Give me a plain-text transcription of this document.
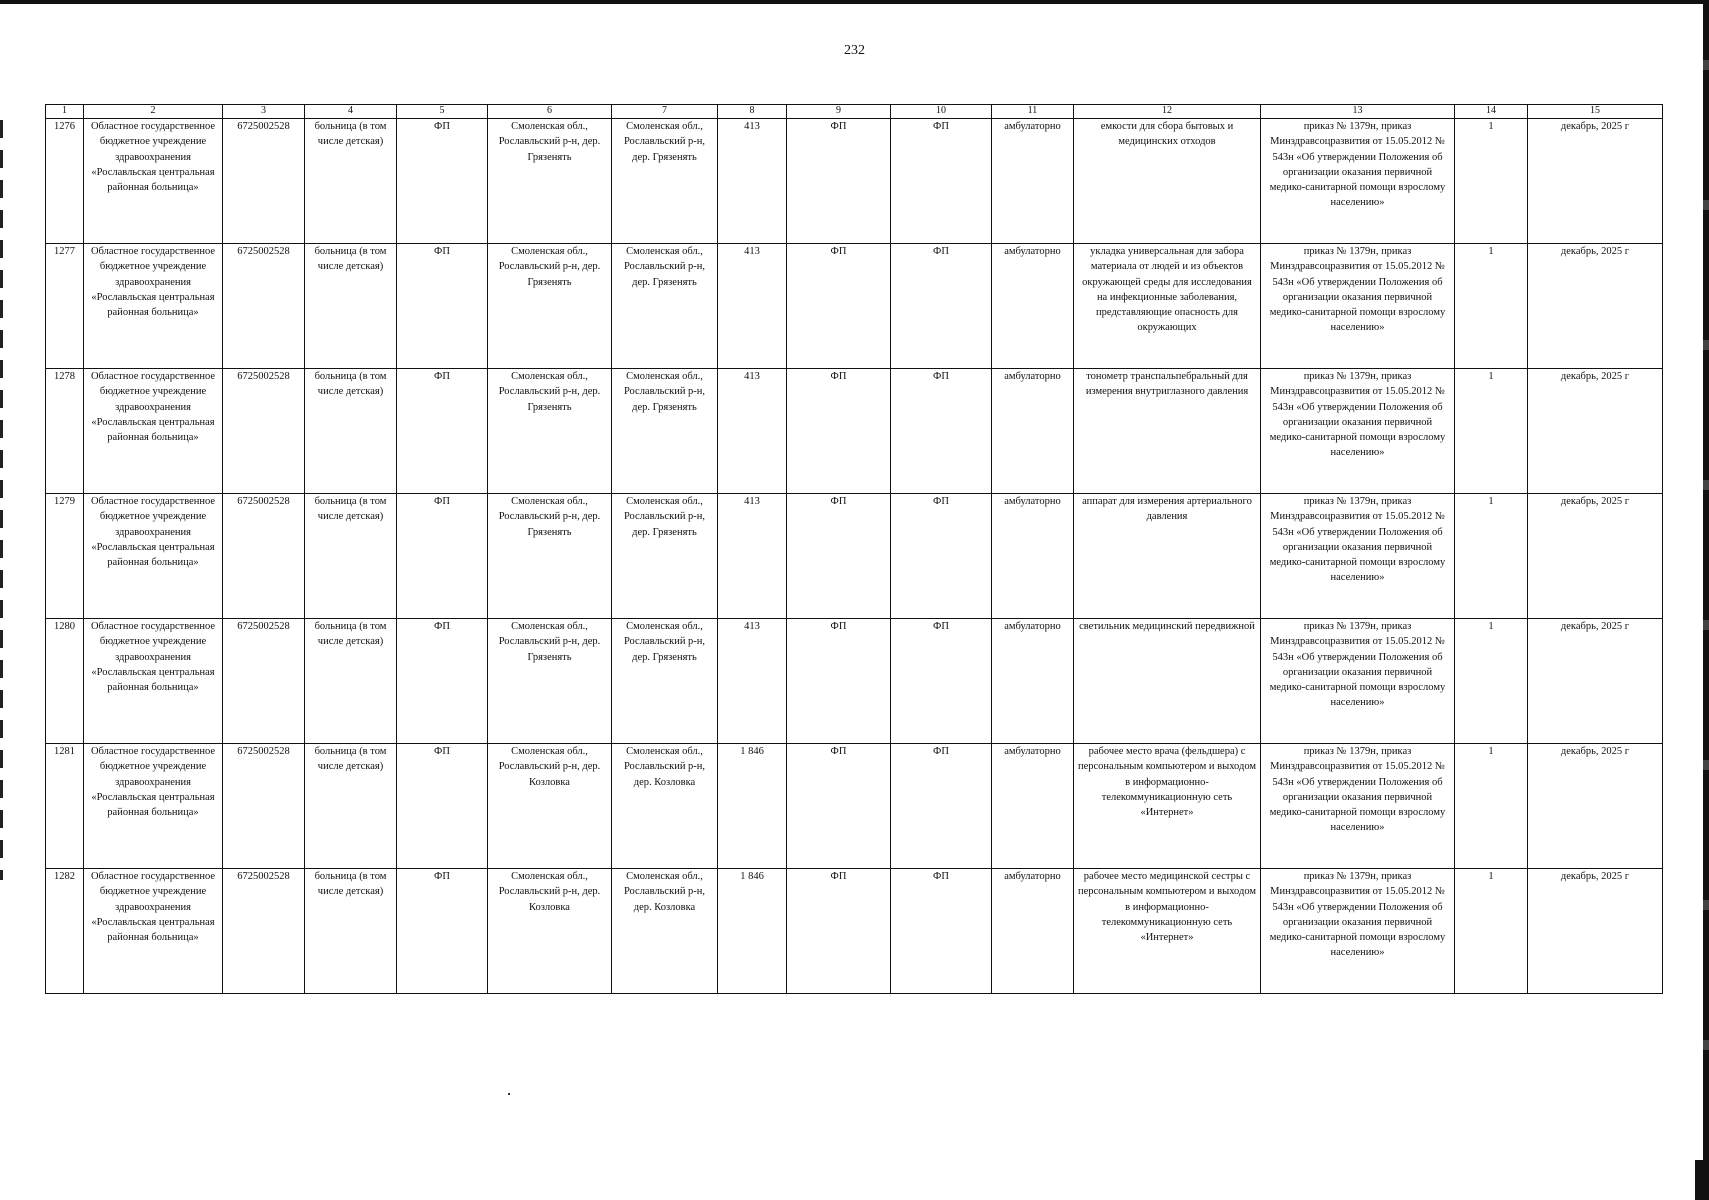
232
1	2	3	4	5	6	7	8	9	10	11	12	13	14	15
1276	Областное государственное бюджетное учреждение здравоохранения «Рославльская центральная районная больница»	6725002528	больница (в том числе детская)	ФП	Смоленская обл., Рославльский р-н, дер. Грязенять	Смоленская обл., Рославльский р-н, дер. Грязенять	413	ФП	ФП	амбулаторно	емкости для сбора бытовых и медицинских отходов	приказ № 1379н, приказ Минздравсоцразвития от 15.05.2012 № 543н «Об утверждении Положения об организации оказания первичной медико-санитарной помощи взрослому населению»	1	декабрь, 2025 г
1277	Областное государственное бюджетное учреждение здравоохранения «Рославльская центральная районная больница»	6725002528	больница (в том числе детская)	ФП	Смоленская обл., Рославльский р-н, дер. Грязенять	Смоленская обл., Рославльский р-н, дер. Грязенять	413	ФП	ФП	амбулаторно	укладка универсальная для забора материала от людей и из объектов окружающей среды для исследования на инфекционные заболевания, представляющие опасность для окружающих	приказ № 1379н, приказ Минздравсоцразвития от 15.05.2012 № 543н «Об утверждении Положения об организации оказания первичной медико-санитарной помощи взрослому населению»	1	декабрь, 2025 г
1278	Областное государственное бюджетное учреждение здравоохранения «Рославльская центральная районная больница»	6725002528	больница (в том числе детская)	ФП	Смоленская обл., Рославльский р-н, дер. Грязенять	Смоленская обл., Рославльский р-н, дер. Грязенять	413	ФП	ФП	амбулаторно	тонометр транспальпебральный для измерения внутриглазного давления	приказ № 1379н, приказ Минздравсоцразвития от 15.05.2012 № 543н «Об утверждении Положения об организации оказания первичной медико-санитарной помощи взрослому населению»	1	декабрь, 2025 г
1279	Областное государственное бюджетное учреждение здравоохранения «Рославльская центральная районная больница»	6725002528	больница (в том числе детская)	ФП	Смоленская обл., Рославльский р-н, дер. Грязенять	Смоленская обл., Рославльский р-н, дер. Грязенять	413	ФП	ФП	амбулаторно	аппарат для измерения артериального давления	приказ № 1379н, приказ Минздравсоцразвития от 15.05.2012 № 543н «Об утверждении Положения об организации оказания первичной медико-санитарной помощи взрослому населению»	1	декабрь, 2025 г
1280	Областное государственное бюджетное учреждение здравоохранения «Рославльская центральная районная больница»	6725002528	больница (в том числе детская)	ФП	Смоленская обл., Рославльский р-н, дер. Грязенять	Смоленская обл., Рославльский р-н, дер. Грязенять	413	ФП	ФП	амбулаторно	светильник медицинский передвижной	приказ № 1379н, приказ Минздравсоцразвития от 15.05.2012 № 543н «Об утверждении Положения об организации оказания первичной медико-санитарной помощи взрослому населению»	1	декабрь, 2025 г
1281	Областное государственное бюджетное учреждение здравоохранения «Рославльская центральная районная больница»	6725002528	больница (в том числе детская)	ФП	Смоленская обл., Рославльский р-н, дер. Козловка	Смоленская обл., Рославльский р-н, дер. Козловка	1 846	ФП	ФП	амбулаторно	рабочее место врача (фельдшера) с персональным компьютером и выходом в информационно-телекоммуникационную сеть «Интернет»	приказ № 1379н, приказ Минздравсоцразвития от 15.05.2012 № 543н «Об утверждении Положения об организации оказания первичной медико-санитарной помощи взрослому населению»	1	декабрь, 2025 г
1282	Областное государственное бюджетное учреждение здравоохранения «Рославльская центральная районная больница»	6725002528	больница (в том числе детская)	ФП	Смоленская обл., Рославльский р-н, дер. Козловка	Смоленская обл., Рославльский р-н, дер. Козловка	1 846	ФП	ФП	амбулаторно	рабочее место медицинской сестры с персональным компьютером и выходом в информационно-телекоммуникационную сеть «Интернет»	приказ № 1379н, приказ Минздравсоцразвития от 15.05.2012 № 543н «Об утверждении Положения об организации оказания первичной медико-санитарной помощи взрослому населению»	1	декабрь, 2025 г
